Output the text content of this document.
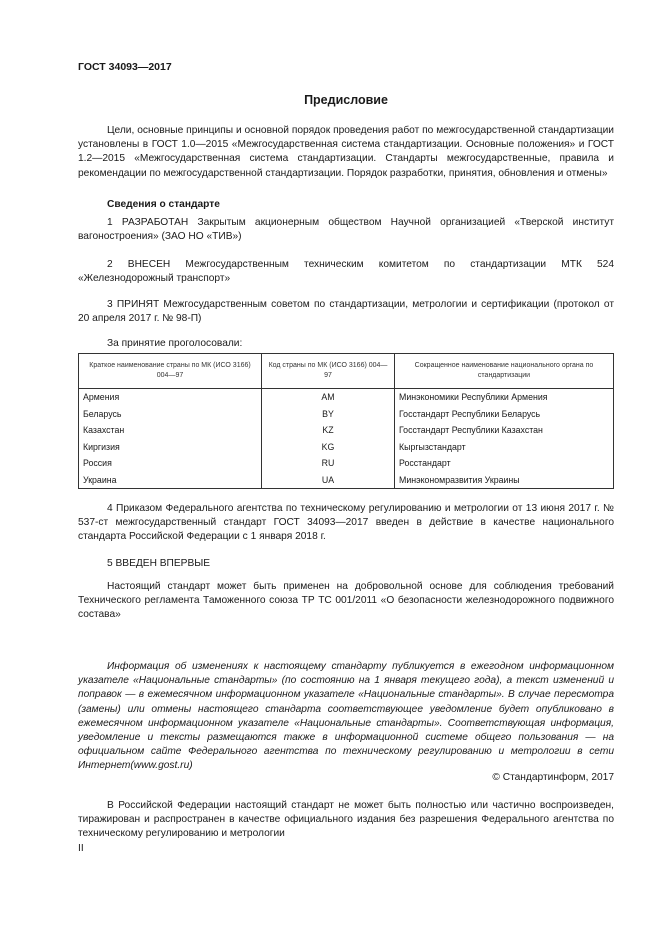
ГОСТ 34093—2017
Предисловие

Цели, основные принципы и основной порядок проведения работ по межгосударственной стандартизации установлены в ГОСТ 1.0—2015 «Межгосударственная система стандартизации. Основные положения» и ГОСТ 1.2—2015 «Межгосударственная система стандартизации. Стандарты межгосударственные, правила и рекомендации по межгосударственной стандартизации. Порядок разработки, принятия, обновления и отмены»

Сведения о стандарте

1 РАЗРАБОТАН Закрытым акционерным обществом Научной организацией «Тверской институт вагоностроения» (ЗАО НО «ТИВ»)

2 ВНЕСЕН Межгосударственным техническим комитетом по стандартизации МТК 524 «Железнодорожный транспорт»

3 ПРИНЯТ Межгосударственным советом по стандартизации, метрологии и сертификации (протокол от 20 апреля 2017 г. № 98-П)

За принятие проголосовали:
Краткое наименование страны по МК (ИСО 3166) 004—97	Код страны по МК (ИСО 3166) 004—97	Сокращенное наименование национального органа по стандартизации
Армения	AM	Минэкономики Республики Армения
Беларусь	BY	Госстандарт Республики Беларусь
Казахстан	KZ	Госстандарт Республики Казахстан
Киргизия	KG	Кыргызстандарт
Россия	RU	Росстандарт
Украина	UA	Минэкономразвития Украины

4 Приказом Федерального агентства по техническому регулированию и метрологии от 13 июня 2017 г. № 537-ст межгосударственный стандарт ГОСТ 34093—2017 введен в действие в качестве национального стандарта Российской Федерации с 1 января 2018 г.

5 ВВЕДЕН ВПЕРВЫЕ

Настоящий стандарт может быть применен на добровольной основе для соблюдения требований Технического регламента Таможенного союза ТР ТС 001/2011 «О безопасности железнодорожного подвижного состава»

Информация об изменениях к настоящему стандарту публикуется в ежегодном информационном указателе «Национальные стандарты» (по состоянию на 1 января текущего года), а текст изменений и поправок — в ежемесячном информационном указателе «Национальные стандарты». В случае пересмотра (замены) или отмены настоящего стандарта соответствующее уведомление будет опубликовано в ежемесячном информационном указателе «Национальные стандарты». Соответствующая информация, уведомление и тексты размещаются также в информационной системе общего пользования — на официальном сайте Федерального агентства по техническому регулированию и метрологии в сети Интернет(www.gost.ru)

© Стандартинформ, 2017

В Российской Федерации настоящий стандарт не может быть полностью или частично воспроизведен, тиражирован и распространен в качестве официального издания без разрешения Федерального агентства по техническому регулированию и метрологии

II
